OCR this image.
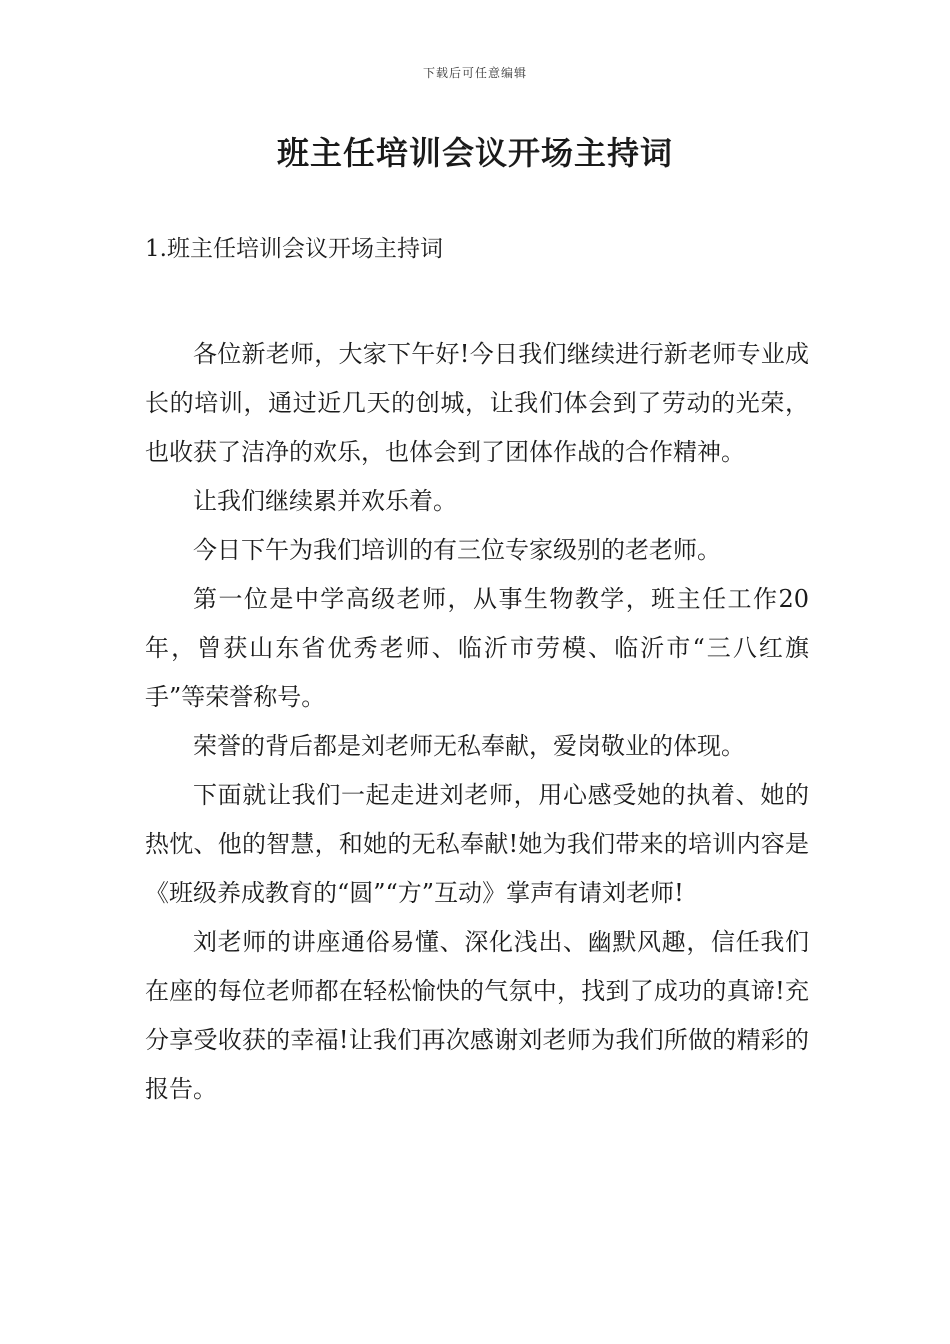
下载后可任意编辑
班主任培训会议开场主持词
1.班主任培训会议开场主持词

各位新老师，大家下午好!今日我们继续进行新老师专业成长的培训，通过近几天的创城，让我们体会到了劳动的光荣，也收获了洁净的欢乐，也体会到了团体作战的合作精神。

让我们继续累并欢乐着。

今日下午为我们培训的有三位专家级别的老老师。

第一位是中学高级老师，从事生物教学，班主任工作20年，曾获山东省优秀老师、临沂市劳模、临沂市“三八红旗手”等荣誉称号。

荣誉的背后都是刘老师无私奉献，爱岗敬业的体现。

下面就让我们一起走进刘老师，用心感受她的执着、她的热忱、他的智慧，和她的无私奉献!她为我们带来的培训内容是《班级养成教育的“圆”“方”互动》掌声有请刘老师!

刘老师的讲座通俗易懂、深化浅出、幽默风趣，信任我们在座的每位老师都在轻松愉快的气氛中，找到了成功的真谛!充分享受收获的幸福!让我们再次感谢刘老师为我们所做的精彩的报告。
